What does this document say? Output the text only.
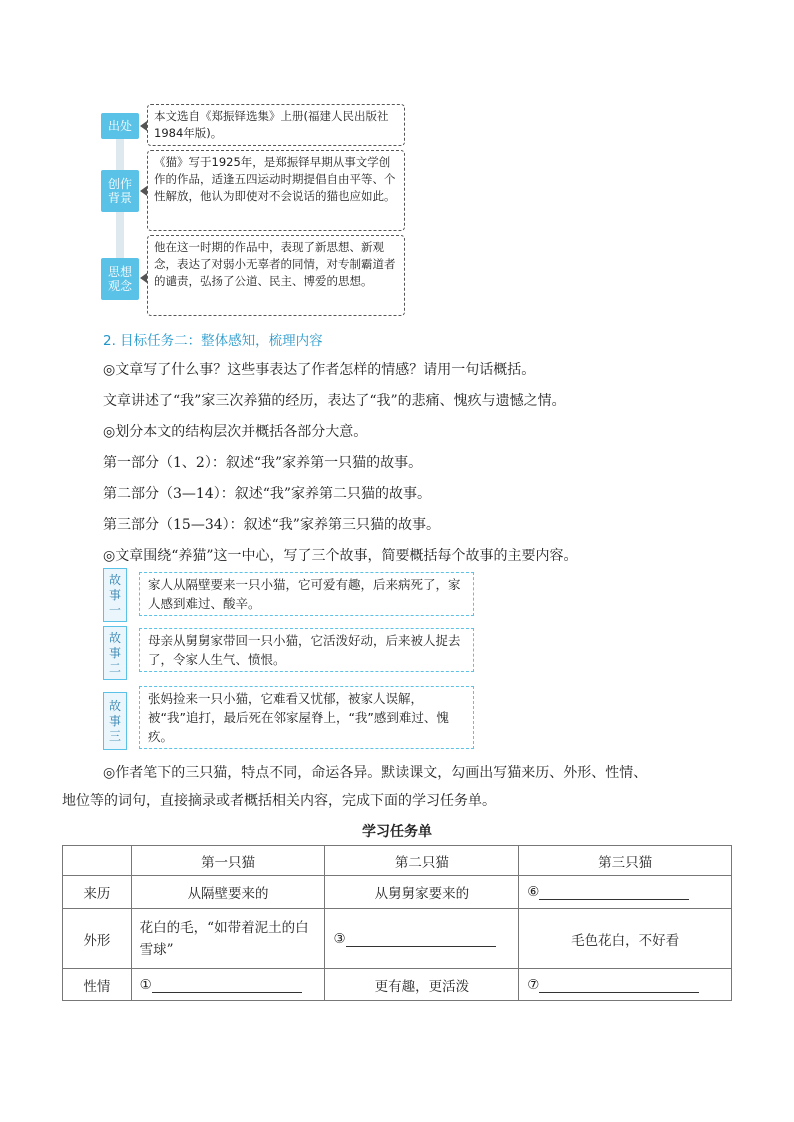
出处
本文选自《郑振铎选集》上册(福建人民出版社1984年版)。
创作背景
《猫》写于1925年，是郑振铎早期从事文学创作的作品，适逢五四运动时期提倡自由平等、个性解放，他认为即使对不会说话的猫也应如此。
思想观念
他在这一时期的作品中，表现了新思想、新观念，表达了对弱小无辜者的同情，对专制霸道者的谴责，弘扬了公道、民主、博爱的思想。
2. 目标任务二：整体感知，梳理内容
◎文章写了什么事？这些事表达了作者怎样的情感？请用一句话概括。
文章讲述了“我”家三次养猫的经历，表达了“我”的悲痛、愧疚与遗憾之情。
◎划分本文的结构层次并概括各部分大意。
第一部分（1、2）：叙述“我”家养第一只猫的故事。
第二部分（3—14）：叙述“我”家养第二只猫的故事。
第三部分（15—34）：叙述“我”家养第三只猫的故事。
◎文章围绕“养猫”这一中心，写了三个故事，简要概括每个故事的主要内容。
故事一
家人从隔壁要来一只小猫，它可爱有趣，后来病死了，家人感到难过、酸辛。
故事二
母亲从舅舅家带回一只小猫，它活泼好动，后来被人捉去了，令家人生气、愤恨。
故事三
张妈捡来一只小猫，它难看又忧郁，被家人误解，被“我”追打，最后死在邻家屋脊上，“我”感到难过、愧疚。
◎作者笔下的三只猫，特点不同，命运各异。默读课文，勾画出写猫来历、外形、性情、
地位等的词句，直接摘录或者概括相关内容，完成下面的学习任务单。
学习任务单
	第一只猫	第二只猫	第三只猫
来历	从隔壁要来的	从舅舅家要来的	⑥
外形	花白的毛，“如带着泥土的白雪球”	③	毛色花白，不好看
性情	①	更有趣，更活泼	⑦
